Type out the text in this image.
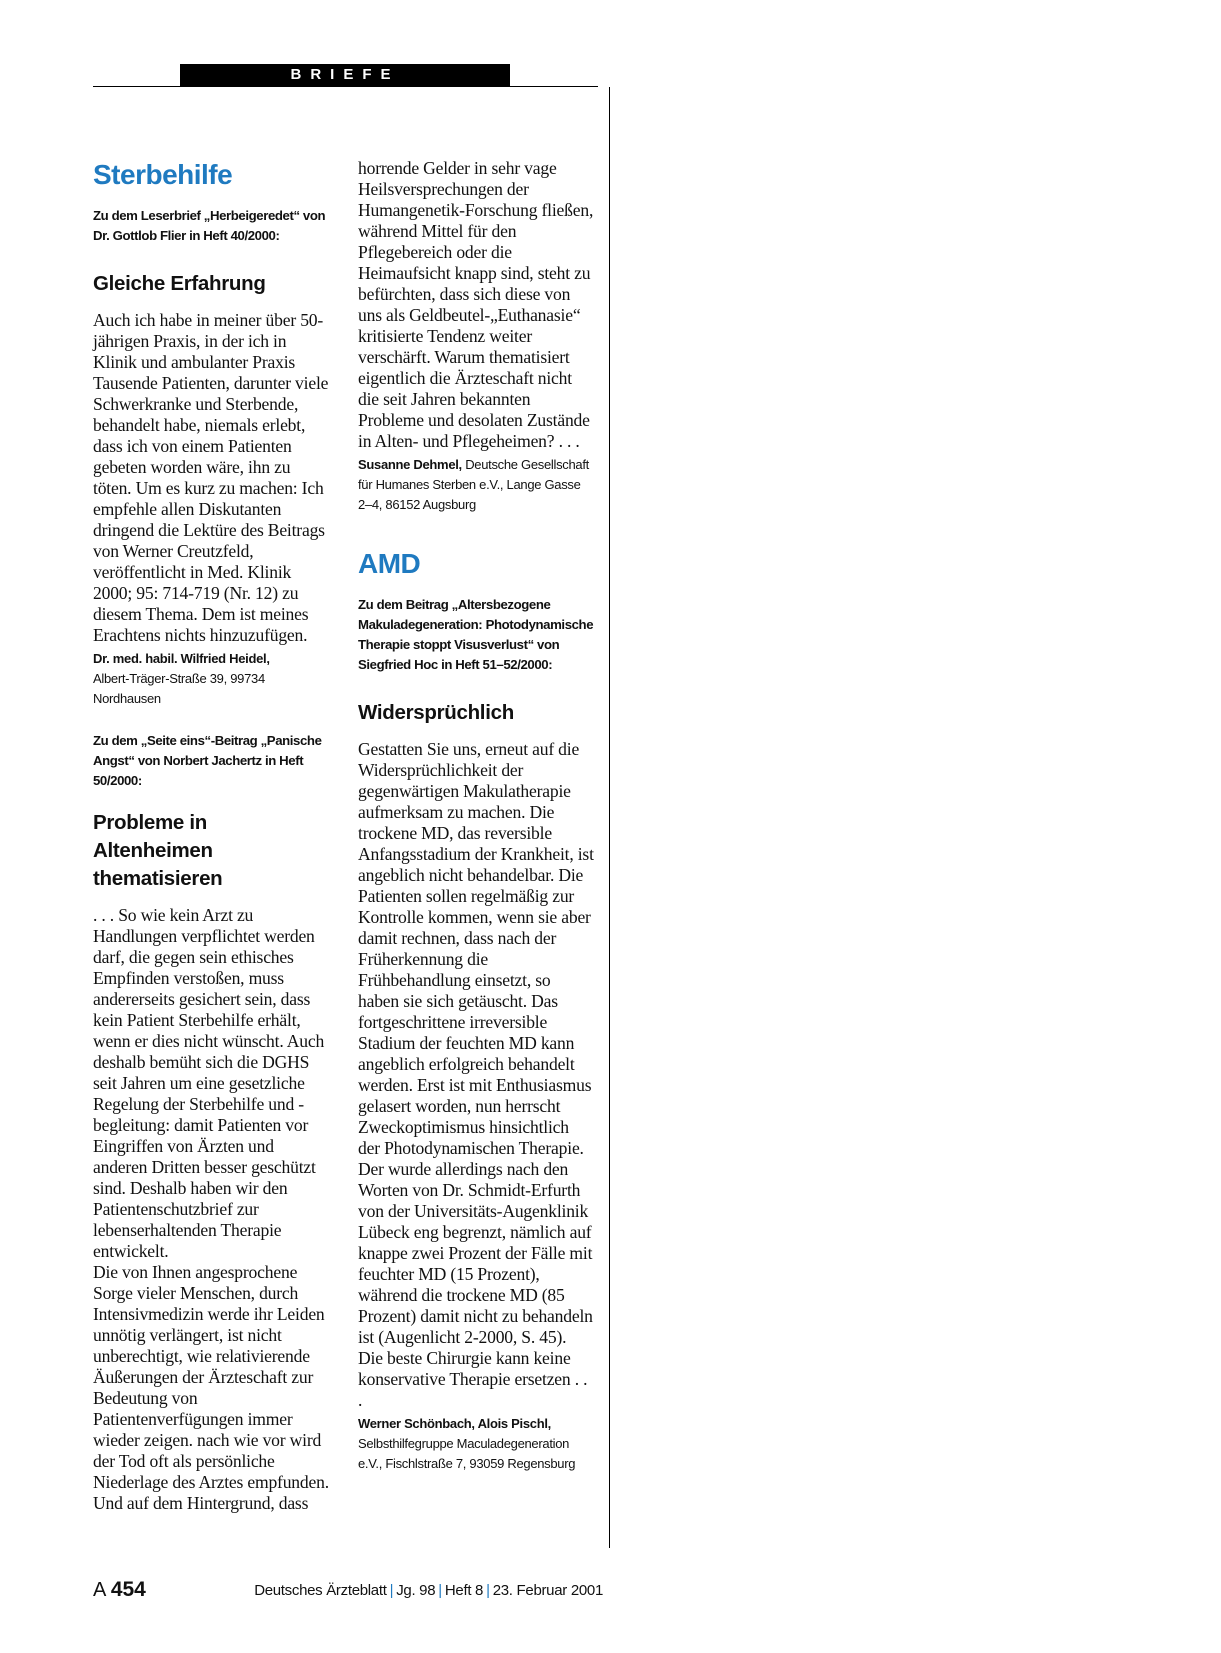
BRIEFE
Sterbehilfe

Zu dem Leserbrief „Herbeigeredet“ von Dr. Gottlob Flier in Heft 40/2000:

Gleiche Erfahrung

Auch ich habe in meiner über 50-jährigen Praxis, in der ich in Klinik und ambulanter Praxis Tausende Patienten, darunter viele Schwerkranke und Sterbende, behandelt habe, niemals erlebt, dass ich von einem Patienten gebeten worden wäre, ihn zu töten. Um es kurz zu machen: Ich empfehle allen Diskutanten dringend die Lektüre des Beitrags von Werner Creutzfeld, veröffentlicht in Med. Klinik 2000; 95: 714-719 (Nr. 12) zu diesem Thema. Dem ist meines Erachtens nichts hinzuzufügen.

Dr. med. habil. Wilfried Heidel,
Albert-Träger-Straße 39, 99734 Nordhausen

Zu dem „Seite eins“-Beitrag „Panische Angst“ von Norbert Jachertz in Heft 50/2000:

Probleme in Altenheimen thematisieren

. . . So wie kein Arzt zu Handlungen verpflichtet werden darf, die gegen sein ethisches Empfinden verstoßen, muss andererseits gesichert sein, dass kein Patient Sterbehilfe erhält, wenn er dies nicht wünscht. Auch deshalb bemüht sich die DGHS seit Jahren um eine gesetzliche Regelung der Sterbehilfe und -begleitung: damit Patienten vor Eingriffen von Ärzten und anderen Dritten besser geschützt sind. Deshalb haben wir den Patientenschutzbrief zur lebenserhaltenden Therapie entwickelt.

Die von Ihnen angesprochene Sorge vieler Menschen, durch Intensivmedizin werde ihr Leiden unnötig verlängert, ist nicht unberechtigt, wie relativierende Äußerungen der Ärzteschaft zur Bedeutung von Patientenverfügungen immer wieder zeigen. nach wie vor wird der Tod oft als persönliche Niederlage des Arztes empfunden. Und auf dem Hintergrund, dass

horrende Gelder in sehr vage Heilsversprechungen der Humangenetik-Forschung fließen, während Mittel für den Pflegebereich oder die Heimaufsicht knapp sind, steht zu befürchten, dass sich diese von uns als Geldbeutel-„Euthanasie“ kritisierte Tendenz weiter verschärft. Warum thematisiert eigentlich die Ärzteschaft nicht die seit Jahren bekannten Probleme und desolaten Zustände in Alten- und Pflegeheimen? . . .

Susanne Dehmel, Deutsche Gesellschaft für Humanes Sterben e.V., Lange Gasse 2–4, 86152 Augsburg

AMD

Zu dem Beitrag „Altersbezogene Makuladegeneration: Photodynamische Therapie stoppt Visusverlust“ von Siegfried Hoc in Heft 51–52/2000:

Widersprüchlich

Gestatten Sie uns, erneut auf die Widersprüchlichkeit der gegenwärtigen Makulatherapie aufmerksam zu machen. Die trockene MD, das reversible Anfangsstadium der Krankheit, ist angeblich nicht behandelbar. Die Patienten sollen regelmäßig zur Kontrolle kommen, wenn sie aber damit rechnen, dass nach der Früherkennung die Frühbehandlung einsetzt, so haben sie sich getäuscht. Das fortgeschrittene irreversible Stadium der feuchten MD kann angeblich erfolgreich behandelt werden. Erst ist mit Enthusiasmus gelasert worden, nun herrscht Zweckoptimismus hinsichtlich der Photodynamischen Therapie. Der wurde allerdings nach den Worten von Dr. Schmidt-Erfurth von der Universitäts-Augenklinik Lübeck eng begrenzt, nämlich auf knappe zwei Prozent der Fälle mit feuchter MD (15 Prozent), während die trockene MD (85 Prozent) damit nicht zu behandeln ist (Augenlicht 2-2000, S. 45). Die beste Chirurgie kann keine konservative Therapie ersetzen . . .

Werner Schönbach, Alois Pischl,
Selbsthilfegruppe Maculadegeneration e.V., Fischlstraße 7, 93059 Regensburg

A 454	Deutsches Ärzteblatt | Jg. 98 | Heft 8 | 23. Februar 2001
